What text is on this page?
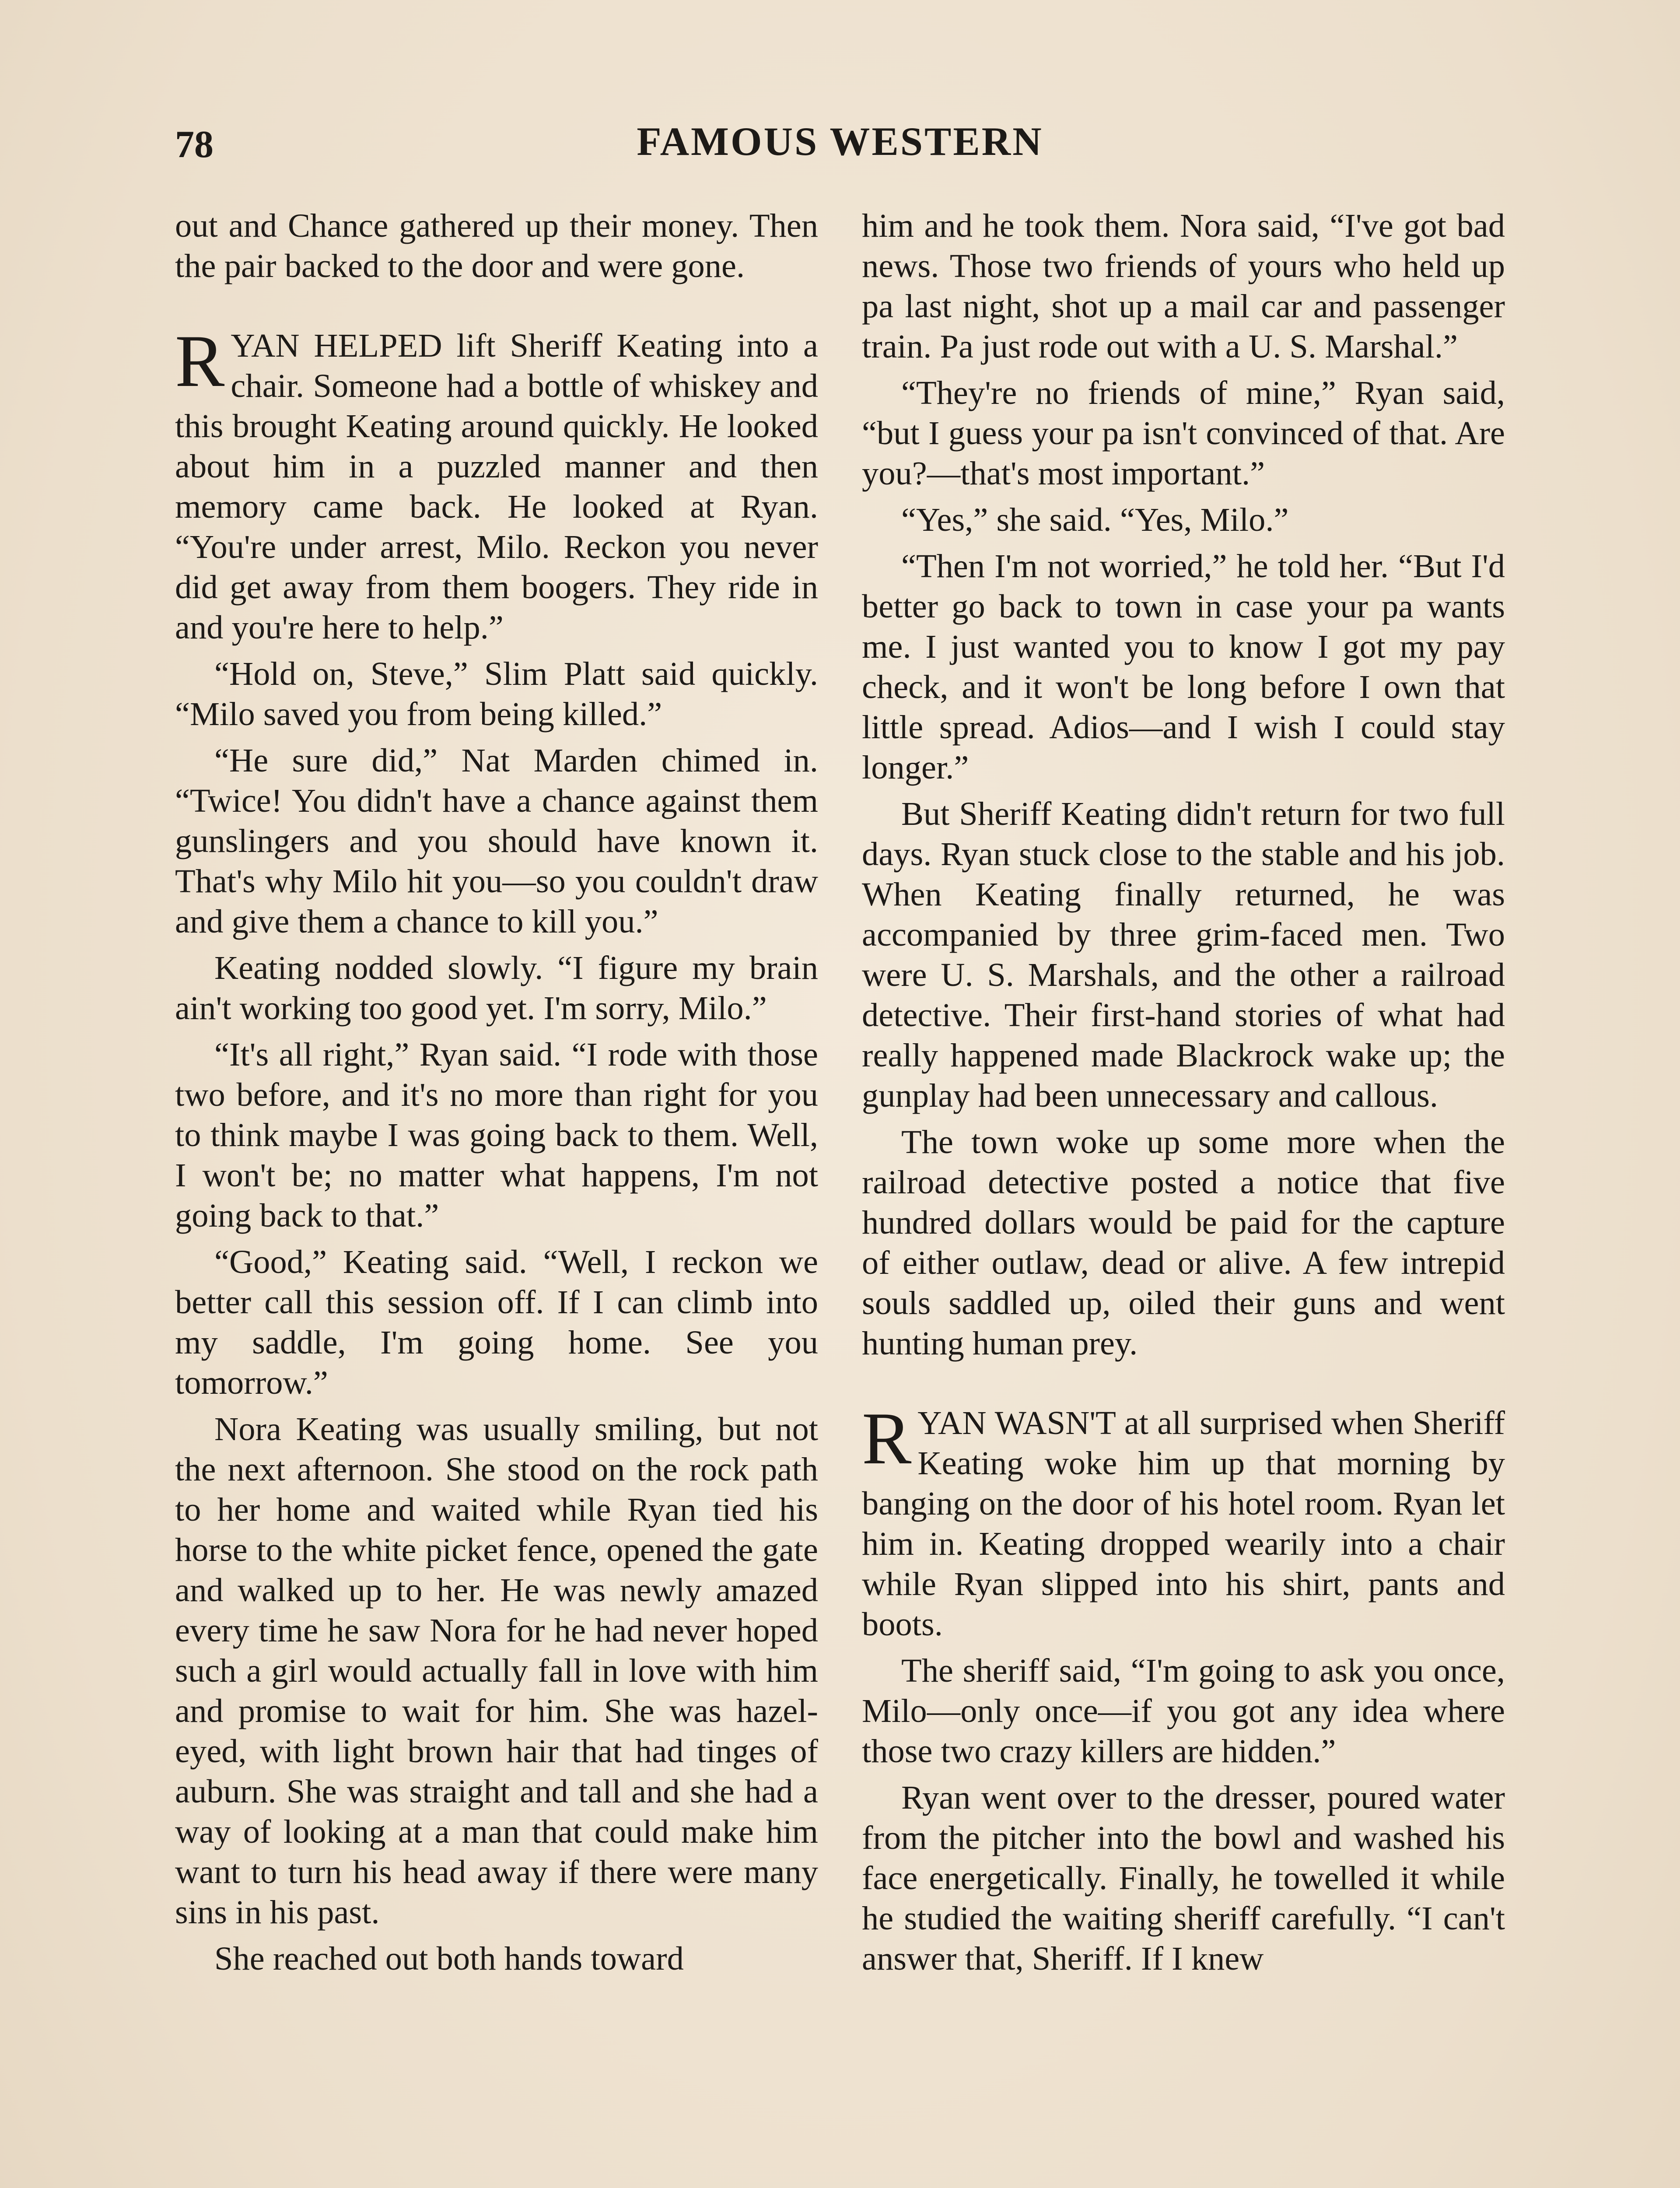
78	FAMOUS WESTERN

out and Chance gathered up their money. Then the pair backed to the door and were gone.

RYAN HELPED lift Sheriff Keating into a chair. Someone had a bottle of whiskey and this brought Keating around quickly. He looked about him in a puzzled manner and then memory came back. He looked at Ryan. “You're under arrest, Milo. Reckon you never did get away from them boogers. They ride in and you're here to help.”

“Hold on, Steve,” Slim Platt said quickly. “Milo saved you from being killed.”

“He sure did,” Nat Marden chimed in. “Twice! You didn't have a chance against them gunslingers and you should have known it. That's why Milo hit you—so you couldn't draw and give them a chance to kill you.”

Keating nodded slowly. “I figure my brain ain't working too good yet. I'm sorry, Milo.”

“It's all right,” Ryan said. “I rode with those two before, and it's no more than right for you to think maybe I was going back to them. Well, I won't be; no matter what happens, I'm not going back to that.”

“Good,” Keating said. “Well, I reckon we better call this session off. If I can climb into my saddle, I'm going home. See you tomorrow.”

Nora Keating was usually smiling, but not the next afternoon. She stood on the rock path to her home and waited while Ryan tied his horse to the white picket fence, opened the gate and walked up to her. He was newly amazed every time he saw Nora for he had never hoped such a girl would actually fall in love with him and promise to wait for him. She was hazel-eyed, with light brown hair that had tinges of auburn. She was straight and tall and she had a way of looking at a man that could make him want to turn his head away if there were many sins in his past.

She reached out both hands toward

him and he took them. Nora said, “I've got bad news. Those two friends of yours who held up pa last night, shot up a mail car and passenger train. Pa just rode out with a U. S. Marshal.”

“They're no friends of mine,” Ryan said, “but I guess your pa isn't convinced of that. Are you?—that's most important.”

“Yes,” she said. “Yes, Milo.”

“Then I'm not worried,” he told her. “But I'd better go back to town in case your pa wants me. I just wanted you to know I got my pay check, and it won't be long before I own that little spread. Adios—and I wish I could stay longer.”

But Sheriff Keating didn't return for two full days. Ryan stuck close to the stable and his job. When Keating finally returned, he was accompanied by three grim-faced men. Two were U. S. Marshals, and the other a railroad detective. Their first-hand stories of what had really happened made Blackrock wake up; the gunplay had been unnecessary and callous.

The town woke up some more when the railroad detective posted a notice that five hundred dollars would be paid for the capture of either outlaw, dead or alive. A few intrepid souls saddled up, oiled their guns and went hunting human prey.

RYAN WASN'T at all surprised when Sheriff Keating woke him up that morning by banging on the door of his hotel room. Ryan let him in. Keating dropped wearily into a chair while Ryan slipped into his shirt, pants and boots.

The sheriff said, “I'm going to ask you once, Milo—only once—if you got any idea where those two crazy killers are hidden.”

Ryan went over to the dresser, poured water from the pitcher into the bowl and washed his face energetically. Finally, he towelled it while he studied the waiting sheriff carefully. “I can't answer that, Sheriff. If I knew
